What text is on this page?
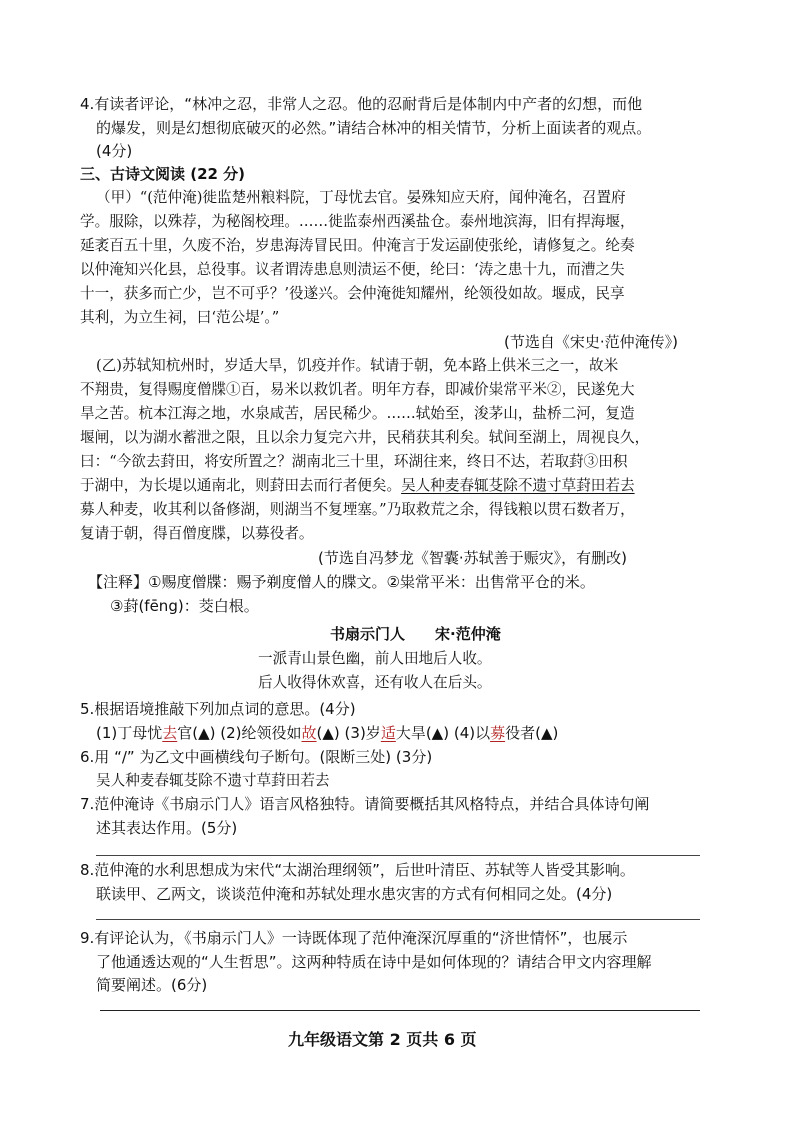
4.有读者评论，“林冲之忍，非常人之忍。他的忍耐背后是体制内中产者的幻想，而他
的爆发，则是幻想彻底破灭的必然。”请结合林冲的相关情节，分析上面读者的观点。
(4分)
三、古诗文阅读 (22 分)
（甲）“(范仲淹)徙监楚州粮料院，丁母忧去官。晏殊知应天府，闻仲淹名，召置府
学。服除，以殊荐，为秘阁校理。……徙监泰州西溪盐仓。泰州地滨海，旧有捍海堰，
延袤百五十里，久废不治，岁患海涛冒民田。仲淹言于发运副使张纶，请修复之。纶奏
以仲淹知兴化县，总役事。议者谓涛患息则渍运不便，纶曰：‘涛之患十九，而漕之失
十一，获多而亡少，岂不可乎？’役遂兴。会仲淹徙知耀州，纶领役如故。堰成，民享
其利，为立生祠，曰‘范公堤’。”
(节选自《宋史·范仲淹传》)
(乙)苏轼知杭州时，岁适大旱，饥疫并作。轼请于朝，免本路上供米三之一，故米
不翔贵，复得赐度僧牒①百，易米以救饥者。明年方春，即减价粜常平米②，民遂免大
旱之苦。杭本江海之地，水泉咸苦，居民稀少。……轼始至，浚茅山，盐桥二河，复造
堰闸，以为湖水蓄泄之限，且以余力复完六井，民稍获其利矣。轼间至湖上，周视良久，
曰：“今欲去葑田，将安所置之？湖南北三十里，环湖往来，终日不达，若取葑③田积
于湖中，为长堤以通南北，则葑田去而行者便矣。吴人种麦春辄芟除不遗寸草葑田若去
募人种麦，收其利以备修湖，则湖当不复堙塞。”乃取救荒之余，得钱粮以贯石数者万，
复请于朝，得百僧度牒，以募役者。
(节选自冯梦龙《智囊·苏轼善于赈灾》，有删改)
【注释】①赐度僧牒：赐予剃度僧人的牒文。②粜常平米：出售常平仓的米。
③葑(fēng)：茭白根。
书扇示门人　　宋·范仲淹
一派青山景色幽，前人田地后人收。
后人收得休欢喜，还有收人在后头。
5.根据语境推敲下列加点词的意思。(4分)
(1)丁母忧去官(▲) (2)纶领役如故(▲) (3)岁适大旱(▲) (4)以募役者(▲)
6.用 “/” 为乙文中画横线句子断句。(限断三处) (3分)
吴人种麦春辄芟除不遗寸草葑田若去
7.范仲淹诗《书扇示门人》语言风格独特。请简要概括其风格特点，并结合具体诗句阐
述其表达作用。(5分)
8.范仲淹的水利思想成为宋代“太湖治理纲领”，后世叶清臣、苏轼等人皆受其影响。
联读甲、乙两文，谈谈范仲淹和苏轼处理水患灾害的方式有何相同之处。(4分)
9.有评论认为，《书扇示门人》一诗既体现了范仲淹深沉厚重的“济世情怀”，也展示
了他通透达观的“人生哲思”。这两种特质在诗中是如何体现的？请结合甲文内容理解
简要阐述。(6分)
九年级语文第 2 页共 6 页
